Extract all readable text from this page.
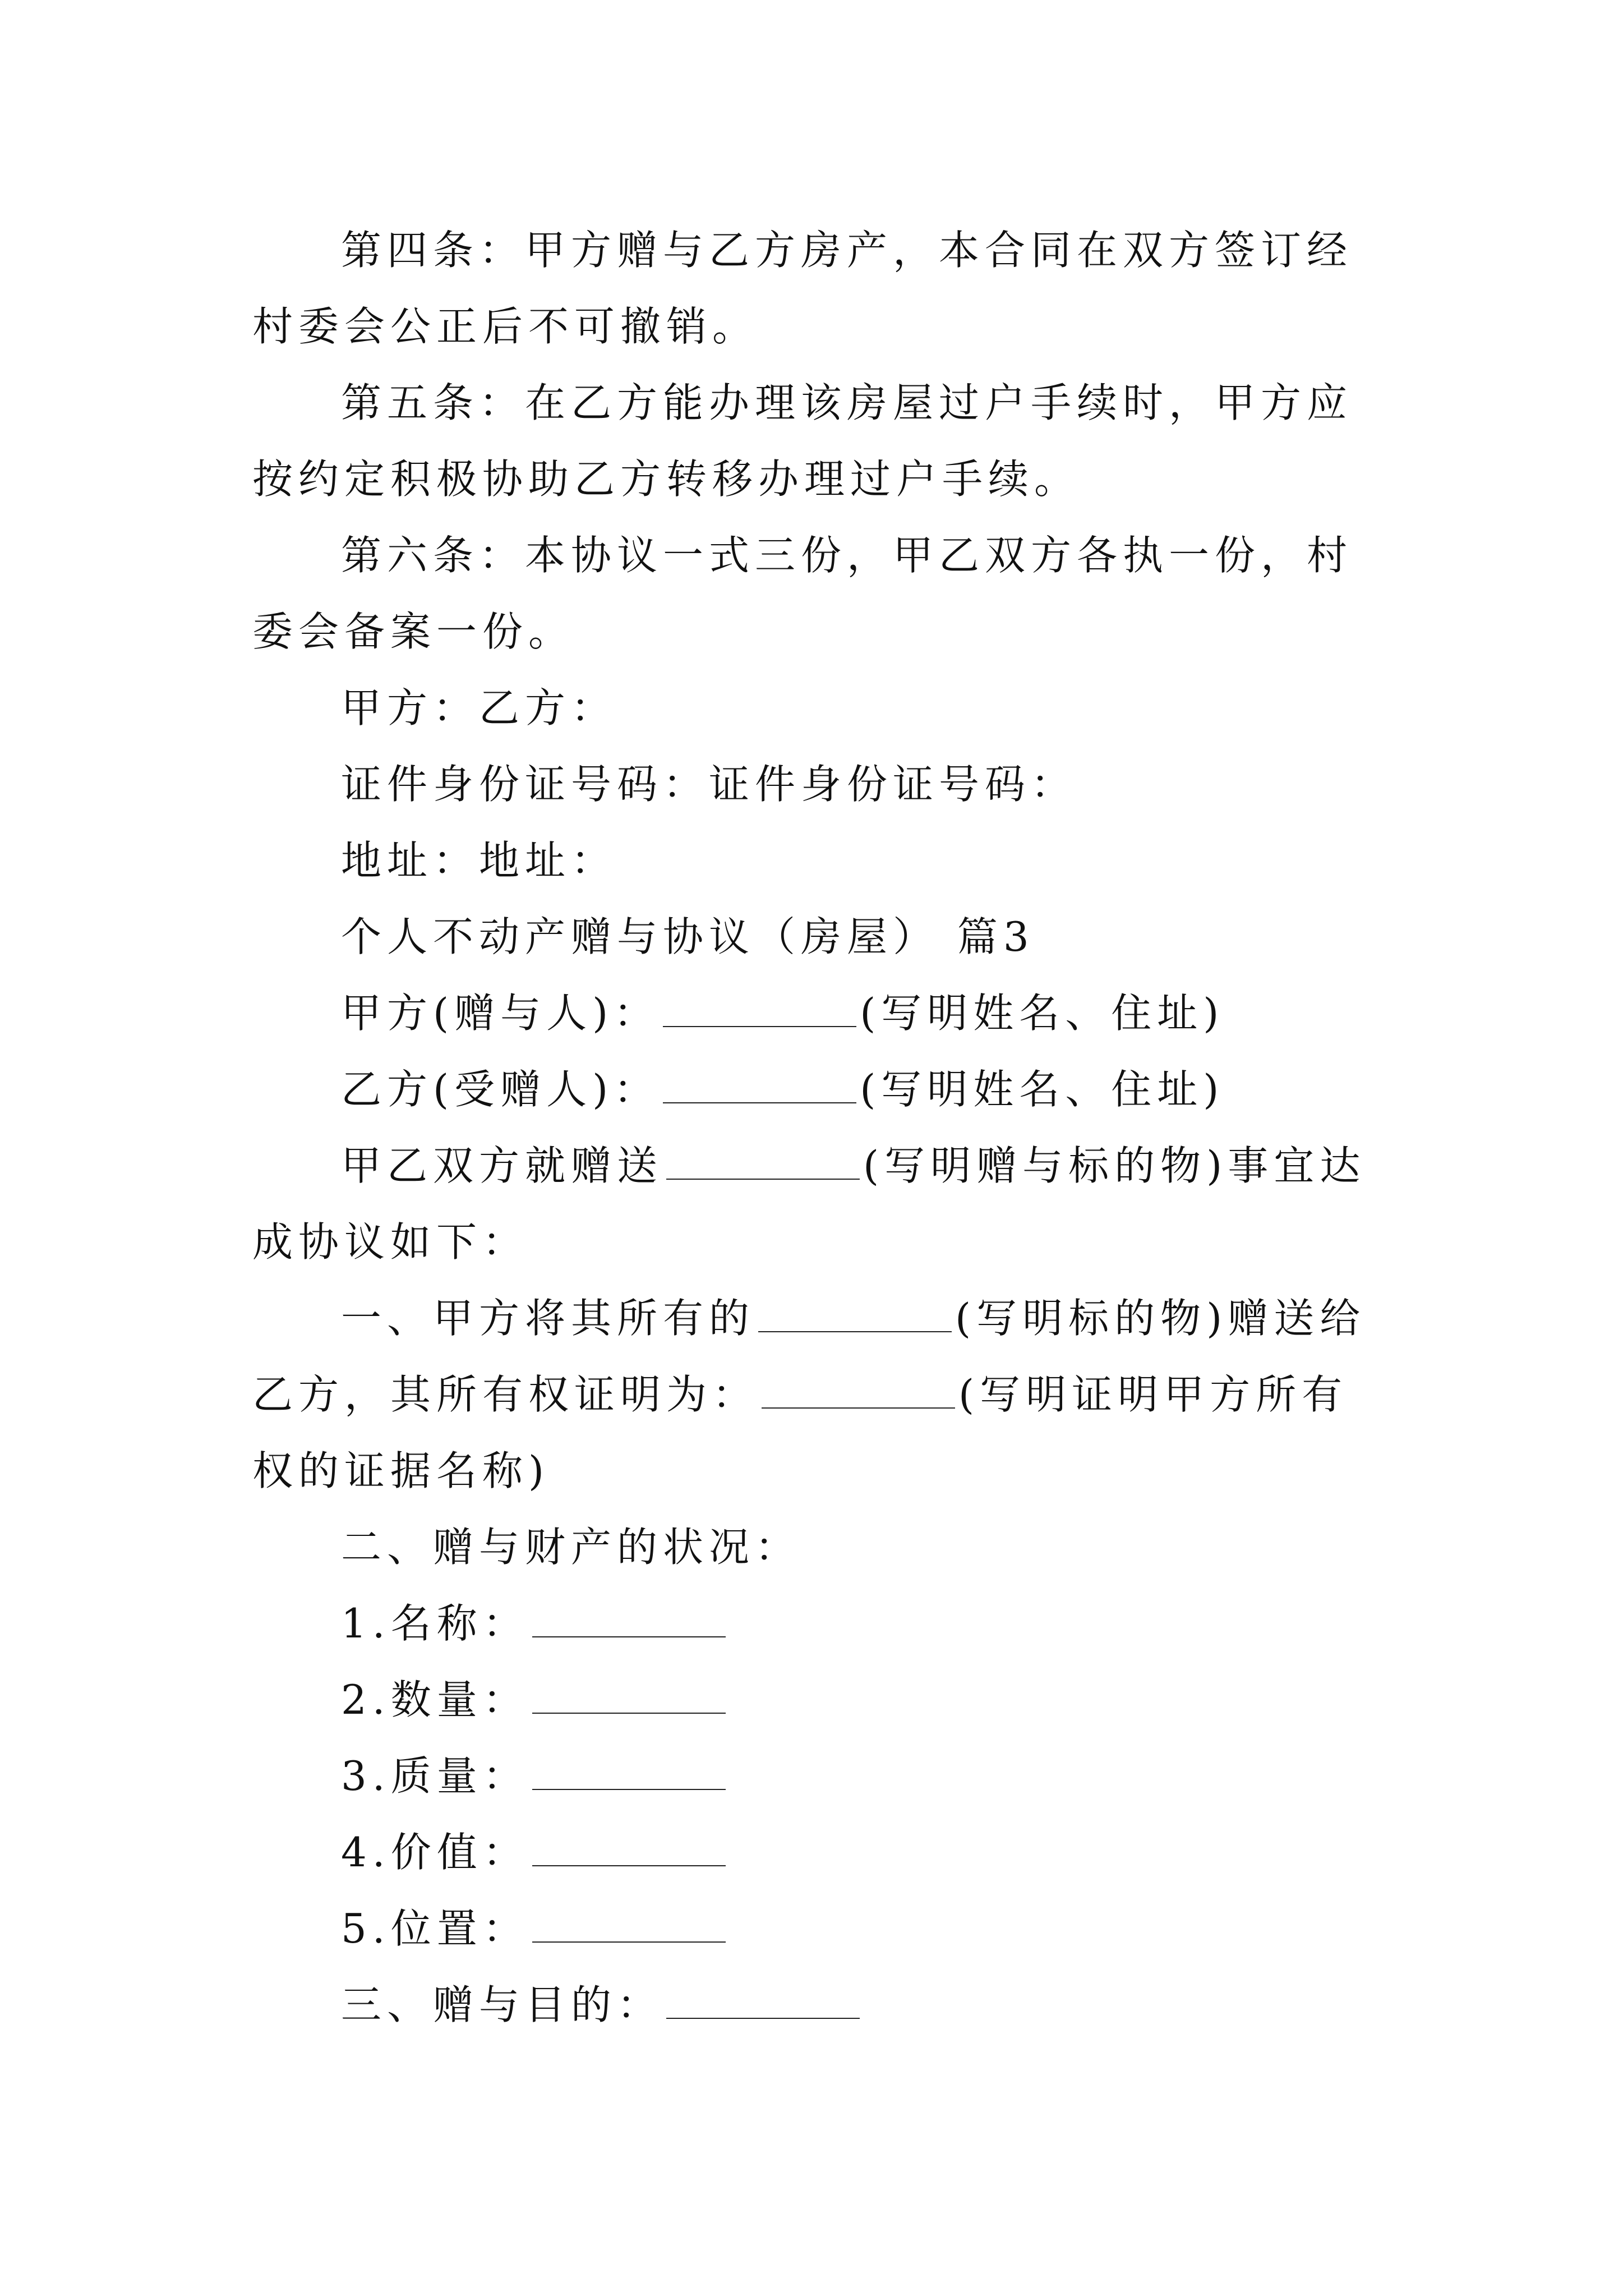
第四条：甲方赠与乙方房产，本合同在双方签订经村委会公正后不可撤销。

第五条：在乙方能办理该房屋过户手续时，甲方应按约定积极协助乙方转移办理过户手续。

第六条：本协议一式三份，甲乙双方各执一份，村委会备案一份。

甲方：乙方：

证件身份证号码：证件身份证号码：

地址：地址：

个人不动产赠与协议（房屋） 篇3

甲方(赠与人)：	(写明姓名、住址)

乙方(受赠人)：	(写明姓名、住址)

甲乙双方就赠送	(写明赠与标的物)事宜达成协议如下：

一、甲方将其所有的	(写明标的物)赠送给乙方，其所有权证明为：	(写明证明甲方所有权的证据名称)

二、赠与财产的状况：

1.名称：

2.数量：

3.质量：

4.价值：

5.位置：

三、赠与目的：
